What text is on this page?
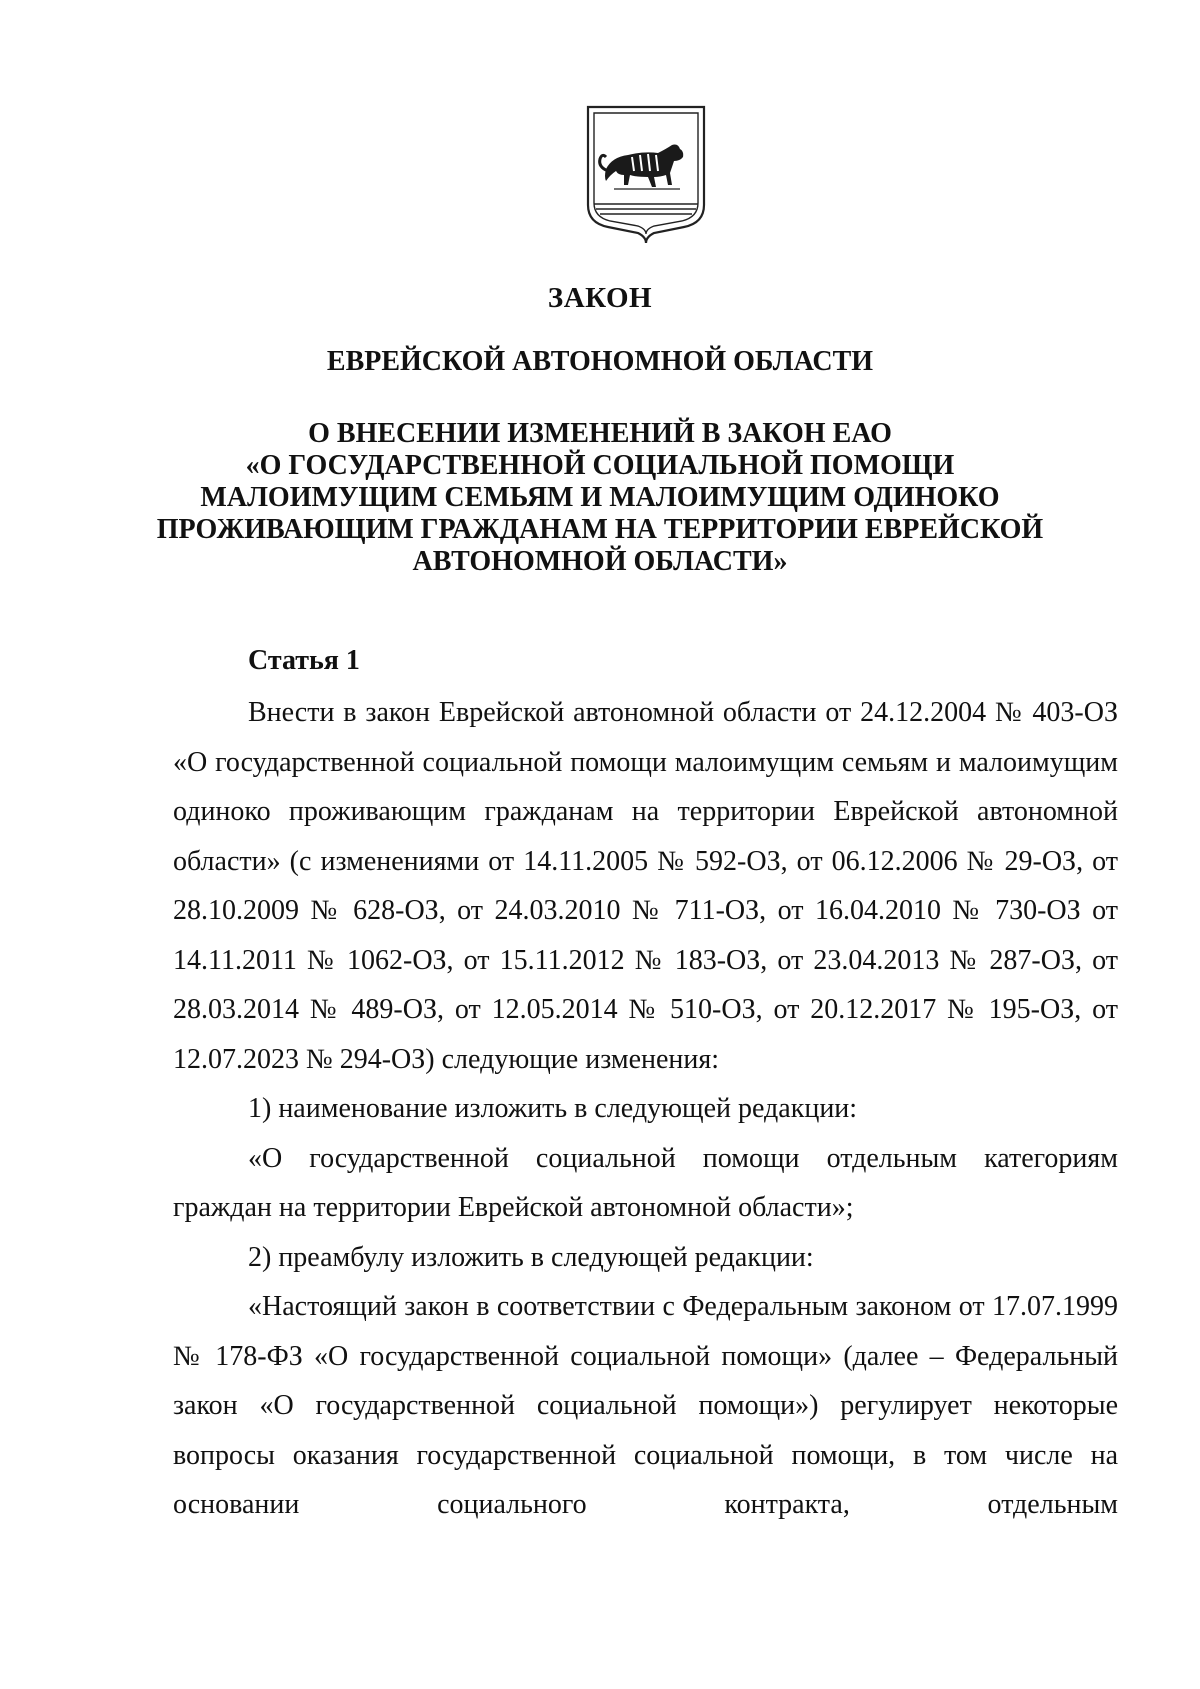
ЗАКОН
ЕВРЕЙСКОЙ АВТОНОМНОЙ ОБЛАСТИ
О ВНЕСЕНИИ ИЗМЕНЕНИЙ В ЗАКОН ЕАО
«О ГОСУДАРСТВЕННОЙ СОЦИАЛЬНОЙ ПОМОЩИ
МАЛОИМУЩИМ СЕМЬЯМ И МАЛОИМУЩИМ ОДИНОКО
ПРОЖИВАЮЩИМ ГРАЖДАНАМ НА ТЕРРИТОРИИ ЕВРЕЙСКОЙ
АВТОНОМНОЙ ОБЛАСТИ»
Статья 1

Внести в закон Еврейской автономной области от 24.12.2004 № 403-ОЗ «О государственной социальной помощи малоимущим семьям и малоимущим одиноко проживающим гражданам на территории Еврейской автономной области» (с изменениями от 14.11.2005 № 592-ОЗ, от 06.12.2006 № 29-ОЗ, от 28.10.2009 № 628-ОЗ, от 24.03.2010 № 711-ОЗ, от 16.04.2010 № 730-ОЗ от 14.11.2011 № 1062-ОЗ, от 15.11.2012 № 183-ОЗ, от 23.04.2013 № 287-ОЗ, от 28.03.2014 № 489-ОЗ, от 12.05.2014 № 510-ОЗ, от 20.12.2017 № 195-ОЗ, от 12.07.2023 № 294-ОЗ) следующие изменения:

1) наименование изложить в следующей редакции:

«О государственной социальной помощи отдельным категориям граждан на территории Еврейской автономной области»;

2) преамбулу изложить в следующей редакции:

«Настоящий закон в соответствии с Федеральным законом от 17.07.1999 № 178-ФЗ «О государственной социальной помощи» (далее – Федеральный закон «О государственной социальной помощи») регулирует некоторые вопросы оказания государственной социальной помощи, в том числе на основании социального контракта, отдельным
